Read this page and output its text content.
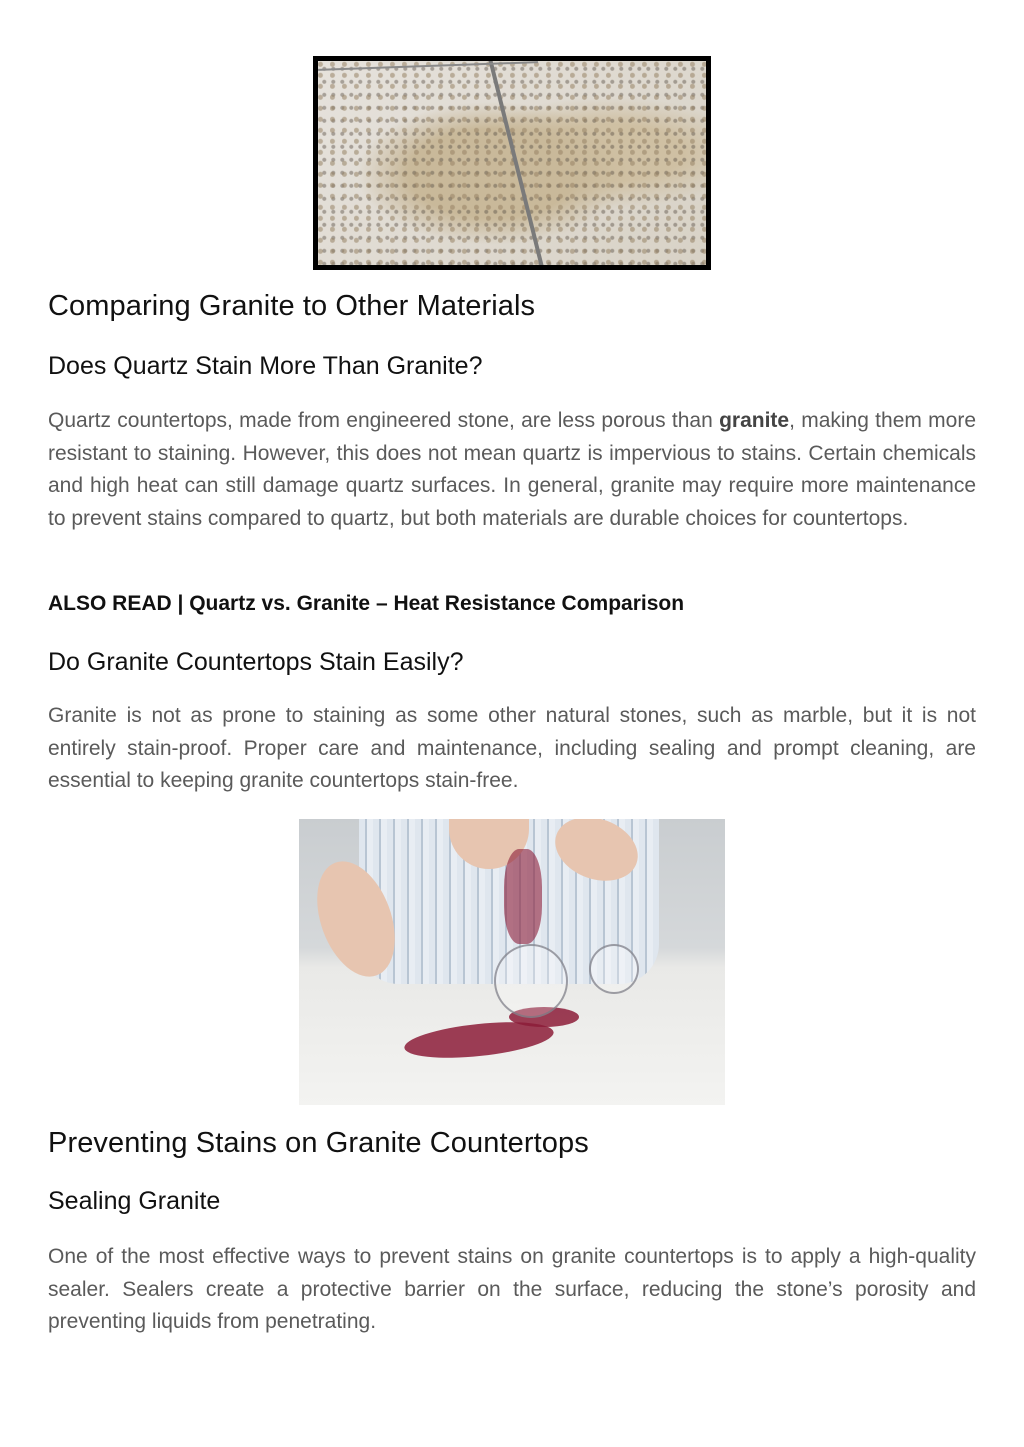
Comparing Granite to Other Materials
Does Quartz Stain More Than Granite?

Quartz countertops, made from engineered stone, are less porous than granite, making them more resistant to staining. However, this does not mean quartz is impervious to stains. Certain chemicals and high heat can still damage quartz surfaces. In general, granite may require more maintenance to prevent stains compared to quartz, but both materials are durable choices for countertops.

ALSO READ | Quartz vs. Granite – Heat Resistance Comparison

Do Granite Countertops Stain Easily?

Granite is not as prone to staining as some other natural stones, such as marble, but it is not entirely stain-proof. Proper care and maintenance, including sealing and prompt cleaning, are essential to keeping granite countertops stain-free.

Preventing Stains on Granite Countertops
Sealing Granite

One of the most effective ways to prevent stains on granite countertops is to apply a high-quality sealer. Sealers create a protective barrier on the surface, reducing the stone’s porosity and preventing liquids from penetrating.
